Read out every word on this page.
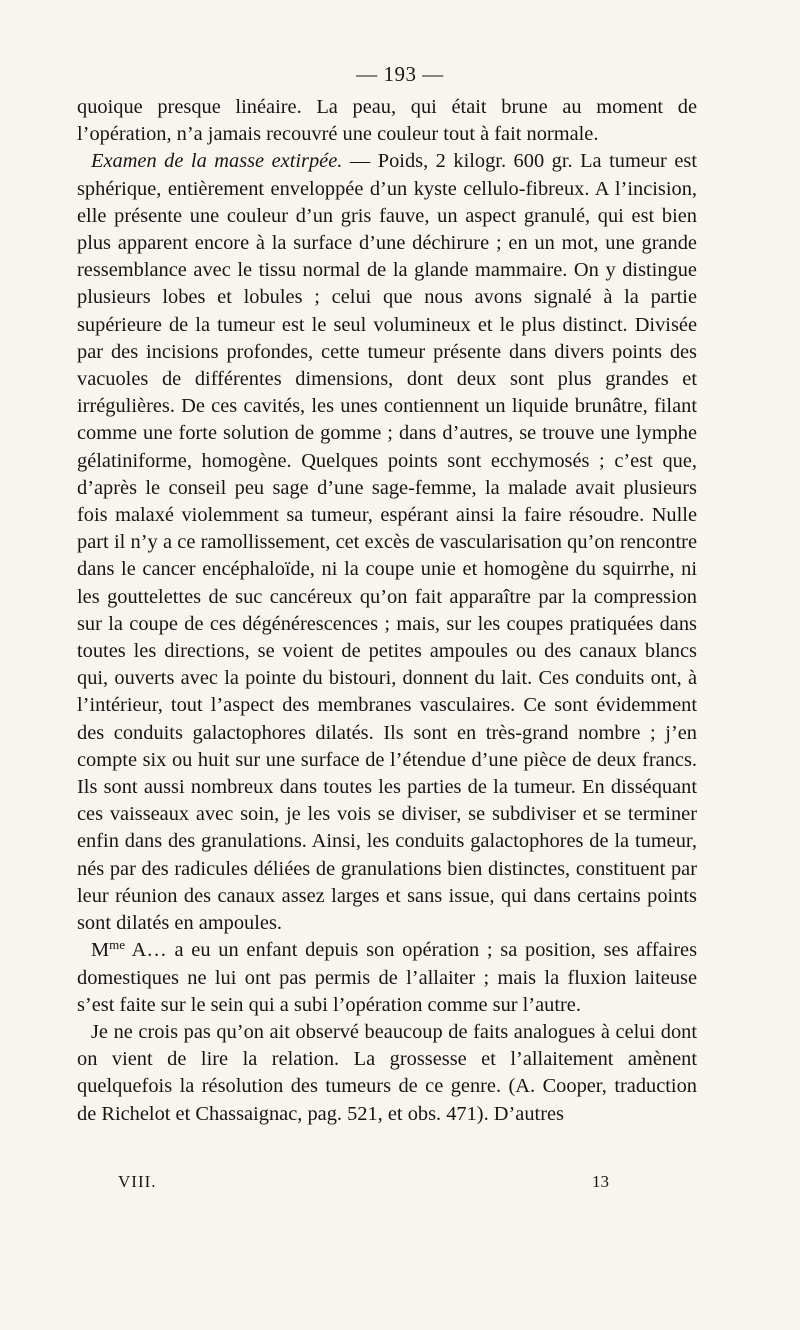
— 193 —

quoique presque linéaire. La peau, qui était brune au moment de l’opération, n’a jamais recouvré une couleur tout à fait normale.

Examen de la masse extirpée. — Poids, 2 kilogr. 600 gr. La tumeur est sphérique, entièrement enveloppée d’un kyste cellulo-fibreux. A l’incision, elle présente une couleur d’un gris fauve, un aspect granulé, qui est bien plus apparent encore à la surface d’une déchirure ; en un mot, une grande ressemblance avec le tissu normal de la glande mammaire. On y distingue plusieurs lobes et lobules ; celui que nous avons signalé à la partie supérieure de la tumeur est le seul volumineux et le plus distinct. Divisée par des incisions profondes, cette tumeur présente dans divers points des vacuoles de différentes dimensions, dont deux sont plus grandes et irrégulières. De ces cavités, les unes contiennent un liquide brunâtre, filant comme une forte solution de gomme ; dans d’autres, se trouve une lymphe gélatiniforme, homogène. Quelques points sont ecchymosés ; c’est que, d’après le conseil peu sage d’une sage-femme, la malade avait plusieurs fois malaxé violemment sa tumeur, espérant ainsi la faire résoudre. Nulle part il n’y a ce ramollissement, cet excès de vascularisation qu’on rencontre dans le cancer encéphaloïde, ni la coupe unie et homogène du squirrhe, ni les gouttelettes de suc cancéreux qu’on fait apparaître par la compression sur la coupe de ces dégénérescences ; mais, sur les coupes pratiquées dans toutes les directions, se voient de petites ampoules ou des canaux blancs qui, ouverts avec la pointe du bistouri, donnent du lait. Ces conduits ont, à l’intérieur, tout l’aspect des membranes vasculaires. Ce sont évidemment des conduits galactophores dilatés. Ils sont en très-grand nombre ; j’en compte six ou huit sur une surface de l’étendue d’une pièce de deux francs. Ils sont aussi nombreux dans toutes les parties de la tumeur. En disséquant ces vaisseaux avec soin, je les vois se diviser, se subdiviser et se terminer enfin dans des granulations. Ainsi, les conduits galactophores de la tumeur, nés par des radicules déliées de granulations bien distinctes, constituent par leur réunion des canaux assez larges et sans issue, qui dans certains points sont dilatés en ampoules.

$M^{me}$ A… a eu un enfant depuis son opération ; sa position, ses affaires domestiques ne lui ont pas permis de l’allaiter ; mais la fluxion laiteuse s’est faite sur le sein qui a subi l’opération comme sur l’autre.

Je ne crois pas qu’on ait observé beaucoup de faits analogues à celui dont on vient de lire la relation. La grossesse et l’allaitement amènent quelquefois la résolution des tumeurs de ce genre. (A. Cooper, traduction de Richelot et Chassaignac, pag. 521, et obs. 471). D’autres

VIII.	13
